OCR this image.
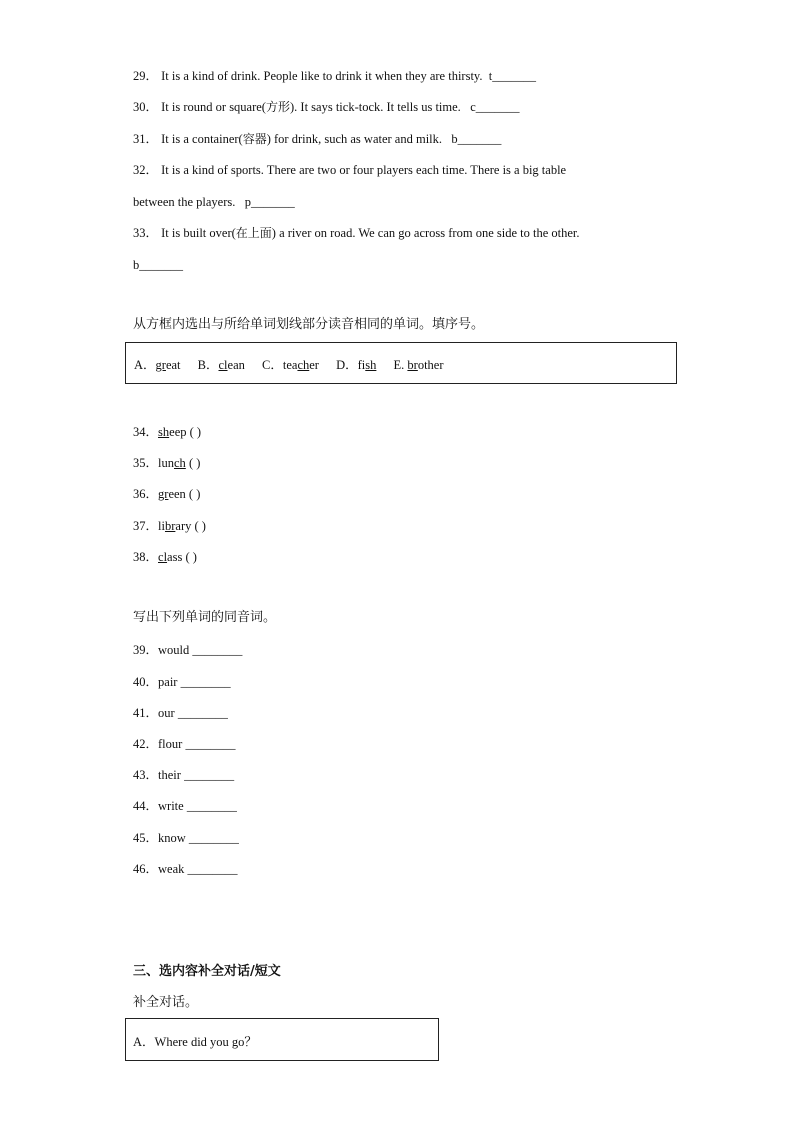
29． It is a kind of drink. People like to drink it when they are thirsty. t_______
30． It is round or square(方形). It says tick-tock. It tells us time. c_______
31． It is a container(容器) for drink, such as water and milk. b_______
32． It is a kind of sports. There are two or four players each time. There is a big table
between the players. p_______
33． It is built over(在上面) a river on road. We can go across from one side to the other.
b_______
从方框内选出与所给单词划线部分读音相同的单词。填序号。
A．great B．clean C．teacher D．fish E. brother
34．sheep ( )
35．lunch ( )
36．green ( )
37．library ( )
38．class ( )
写出下列单词的同音词。
39．would ________
40．pair ________
41．our ________
42．flour ________
43．their ________
44．write ________
45．know ________
46．weak ________
三、选内容补全对话/短文
补全对话。
A．Where did you go？
